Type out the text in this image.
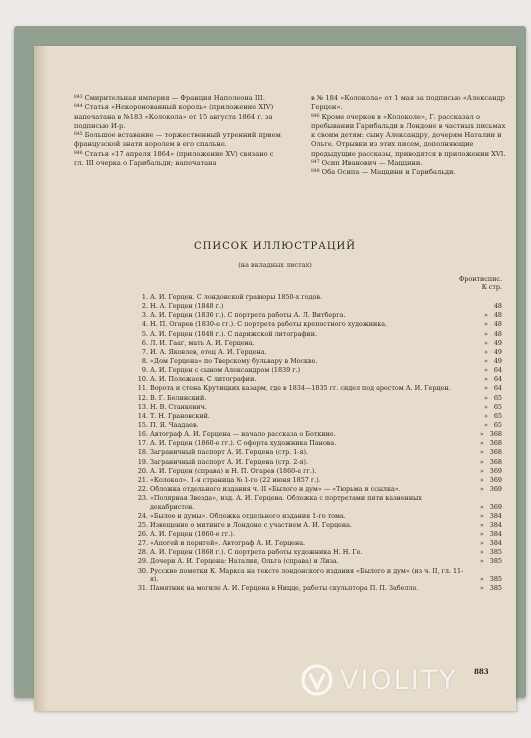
$^{843}$ Смирительная империя — Франция Наполеона III.

$^{844}$ Статья «Некоронованный король» (приложение XIV) напечатана в №183 «Колокола» от 15 августа 1864 г. за подписью И-р.

$^{845}$ Большое вставание — торжественный утренний прием французской знати королем в его спальне.

$^{846}$ Статья «17 апреля 1864» (приложение XV) связано с гл. III очерка о Гарибальди; напечатана

в № 184 «Колокола» от 1 мая за подписью «Александр Герцен».

$^{846}$ Кроме очерков в «Колоколе», Г. рассказал о пребывании Гарибальди в Лондоне в частных письмах к своим детям: сыну Александру, дочерям Наталии и Ольге. Отрывки из этих писем, дополняющие предыдущие рассказы, приводятся в приложении XVI.

$^{847}$ Осип Иванович — Маццини.

$^{848}$ Оба Осипа — Маццини и Гарибальди.

СПИСОК ИЛЛЮСТРАЦИЙ
(на вкладных листах)
Фронтиспис.
К стр.
1. А. И. Герцен. С лондонской гравюры 1850-х годов.
2. Н. А. Герцен (1848 г.)	48
3. А. И. Герцен (1836 г.). С портрета работы А. Л. Витберга.	» 48
4. Н. П. Огарев (1830-е гг.). С портрета работы крепостного художника.	» 48
5. А. И. Герцен (1848 г.). С парижской литографии.	» 48
6. Л. И. Гааг, мать А. И. Герцена.	» 49
7. И. А. Яковлев, отец А. И. Герцена.	» 49
8. «Дом Герцена» по Тверскому бульвару в Москве.	» 49
9. А. И. Герцен с сыном Александром (1839 г.)	» 64
10. А. И. Полежаев. С литографии.	» 64
11. Ворота и стена Крутицких казарм, где в 1834—1835 гг. сидел под арестом А. И. Герцен.	» 64
12. В. Г. Белинский.	» 65
13. Н. В. Станкевич.	» 65
14. Т. Н. Грановский.	» 65
15. П. Я. Чаадаев.	» 65
16. Автограф А. И. Герцена — начало рассказа о Боткине.	» 368
17. А. И. Герцен (1860-е гг.). С офорта художника Панова.	» 368
18. Заграничный паспорт А. И. Герцена (стр. 1-я).	» 368
19. Заграничный паспорт А. И. Герцена (стр. 2-я).	» 368
20. А. И. Герцен (справа) и Н. П. Огарев (1860-е гг.).	» 369
21. «Колокол». 1-я страница № 1-го (22 июня 1857 г.).	» 369
22. Обложка отдельного издания ч. II «Былого и дум» — «Тюрьма и ссылка».	» 369
23. «Полярная Звезда», изд. А. И. Герцена. Обложка с портретами пяти казненных декабристов.	» 369
24. «Былое и думы». Обложка отдельного издания 1-го тома.	» 384
25. Извещение о митинге в Лондоне с участием А. И. Герцена.	» 384
26. А. И. Герцен (1860-е гг.).	» 384
27. «Апогей и перигей». Автограф А. И. Герцена.	» 384
28. А. И. Герцен (1868 г.). С портрета работы художника Н. Н. Ге.	» 385
29. Дочери А. И. Герцена: Наталия, Ольга (справа) и Лиза.	» 385
30. Русские пометки К. Маркса на тексте лондонского издания «Былого и дум» (из ч. II, гл. 11-я).	» 385
31. Памятник на могиле А. И. Герцена в Ницце, работы скульптора П. П. Забелло.	» 385
883
VIOLITY
